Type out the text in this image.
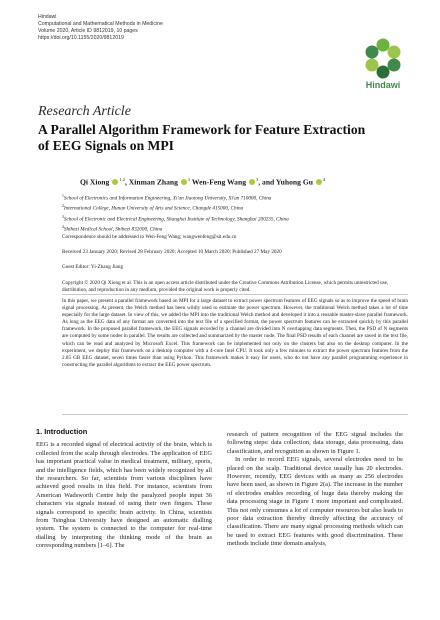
Hindawi
Computational and Mathematical Methods in Medicine
Volume 2020, Article ID 9812019, 10 pages
https://doi.org/10.1155/2020/9812019
Hindawi
Research Article
A Parallel Algorithm Framework for Feature Extraction of EEG Signals on MPI
Qi Xiong $^{1,2}$, Xinman Zhang $^1$ Wen-Feng Wang $^3$, and Yuhong Gu $^4$
$^1$School of Electronics and Information Engineering, Xi'an Jiaotong University, Xi'an 710000, China
$^2$International College, Hunan University of Arts and Science, Changde 415000, China
$^3$School of Electronic and Electrical Engineering, Shanghai Institute of Technology, Shanghai 200235, China
$^4$Shihezi Medical School, Shihezi 832000, China
Correspondence should be addressed to Wen-Feng Wang; wangwenfeng@sit.edu.cn
Received 23 January 2020; Revised 28 February 2020; Accepted 10 March 2020; Published 27 May 2020
Guest Editor: Yi-Zhang Jiang
Copyright © 2020 Qi Xiong et al. This is an open access article distributed under the Creative Commons Attribution License, which permits unrestricted use, distribution, and reproduction in any medium, provided the original work is properly cited.
In this paper, we present a parallel framework based on MPI for a large dataset to extract power spectrum features of EEG signals so as to improve the speed of brain signal processing. At present, the Welch method has been wildly used to estimate the power spectrum. However, the traditional Welch method takes a lot of time especially for the large dataset. In view of this, we added the MPI into the traditional Welch method and developed it into a reusable master-slave parallel framework. As long as the EEG data of any format are converted into the text file of a specified format, the power spectrum features can be extracted quickly by this parallel framework. In the proposed parallel framework, the EEG signals recorded by a channel are divided into N overlapping data segments. Then, the PSD of N segments are computed by some nodes in parallel. The results are collected and summarized by the master node. The final PSD results of each channel are saved in the text file, which can be read and analyzed by Microsoft Excel. This framework can be implemented not only on the clusters but also on the desktop computer. In the experiment, we deploy this framework on a desktop computer with a 4-core Intel CPU. It took only a few minutes to extract the power spectrum features from the 2.85 GB EEG dataset, seven times faster than using Python. This framework makes it easy for users, who do not have any parallel programming experience in constructing the parallel algorithms to extract the EEG power spectrum.
1. Introduction
EEG is a recorded signal of electrical activity of the brain, which is collected from the scalp through electrodes. The application of EEG has important practical value in medical treatment, military, sports, and the intelligence fields, which has been widely recognized by all the researchers. So far, scientists from various disciplines have achieved good results in this field. For instance, scientists from American Wadsworth Centre help the paralyzed people input 36 characters via signals instead of using their own fingers. These signals correspond to specific brain activity. In China, scientists from Tsinghua University have designed an automatic dialling system. The system is connected to the computer for real-time dialling by interpreting the thinking mode of the brain as corresponding numbers [1–6]. The
research of pattern recognition of the EEG signal includes the following steps: data collection, data storage, data processing, data classification, and recognition as shown in Figure 1.
In order to record EEG signals, several electrodes need to be placed on the scalp. Traditional device usually has 20 electrodes. However, recently, EEG devices with as many as 256 electrodes have been used, as shown in Figure 2(a). The increase in the number of electrodes enables recording of huge data thereby making the data processing stage in Figure 1 more important and complicated. This not only consumes a lot of computer resources but also leads to poor data extraction thereby directly affecting the accuracy of classification. There are many signal processing methods which can be used to extract EEG features with good discrimination. These methods include time domain analysis,
